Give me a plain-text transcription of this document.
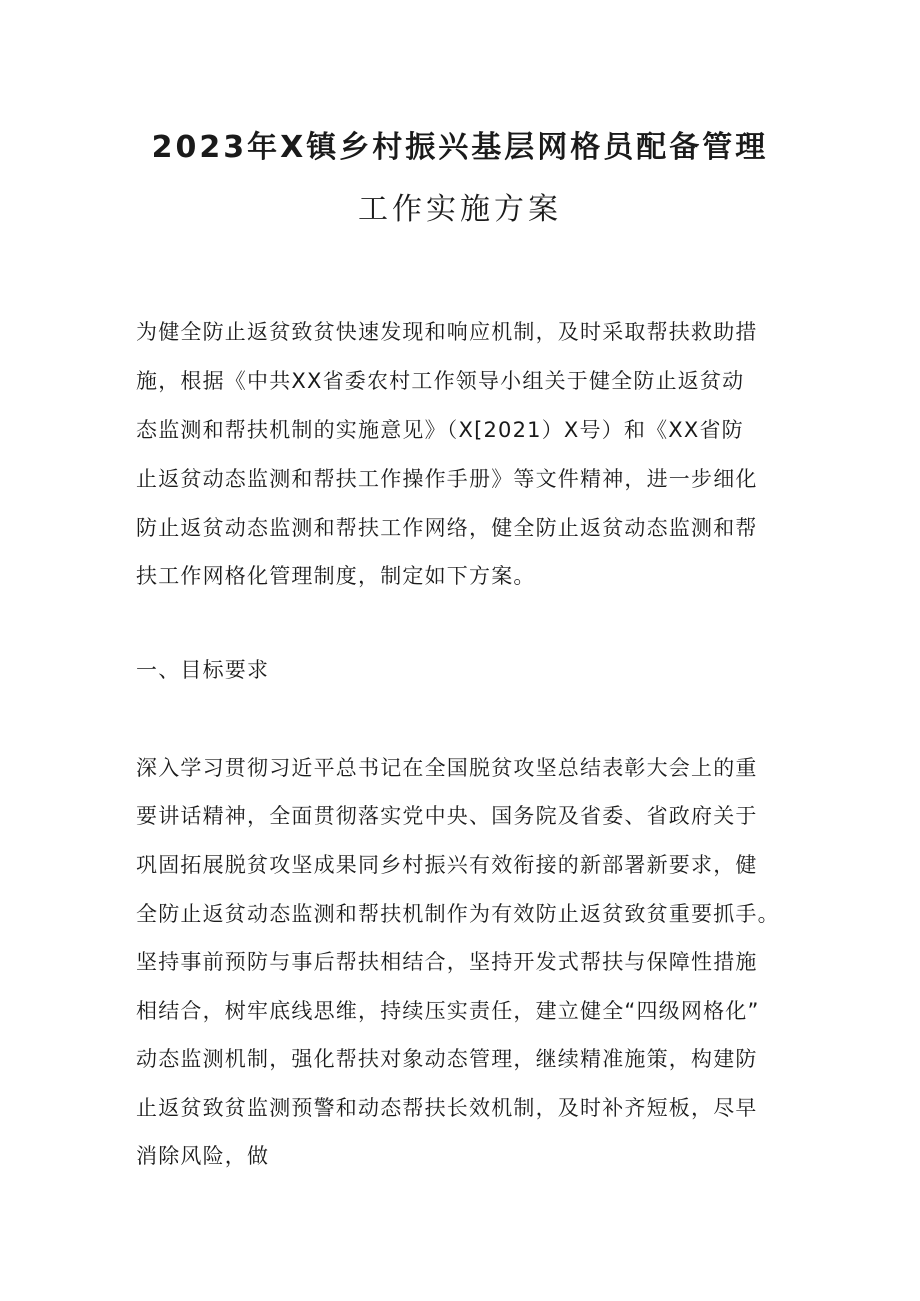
2023年X镇乡村振兴基层网格员配备管理
工作实施方案
为健全防止返贫致贫快速发现和响应机制，及时采取帮扶救助措
施，根据《中共XX省委农村工作领导小组关于健全防止返贫动
态监测和帮扶机制的实施意见》（X[2021）X号）和《XX省防
止返贫动态监测和帮扶工作操作手册》等文件精神，进一步细化
防止返贫动态监测和帮扶工作网络，健全防止返贫动态监测和帮
扶工作网格化管理制度，制定如下方案。
一、目标要求
深入学习贯彻习近平总书记在全国脱贫攻坚总结表彰大会上的重
要讲话精神，全面贯彻落实党中央、国务院及省委、省政府关于
巩固拓展脱贫攻坚成果同乡村振兴有效衔接的新部署新要求，健
全防止返贫动态监测和帮扶机制作为有效防止返贫致贫重要抓手。
坚持事前预防与事后帮扶相结合，坚持开发式帮扶与保障性措施
相结合，树牢底线思维，持续压实责任，建立健全“四级网格化”
动态监测机制，强化帮扶对象动态管理，继续精准施策，构建防
止返贫致贫监测预警和动态帮扶长效机制，及时补齐短板，尽早
消除风险，做
